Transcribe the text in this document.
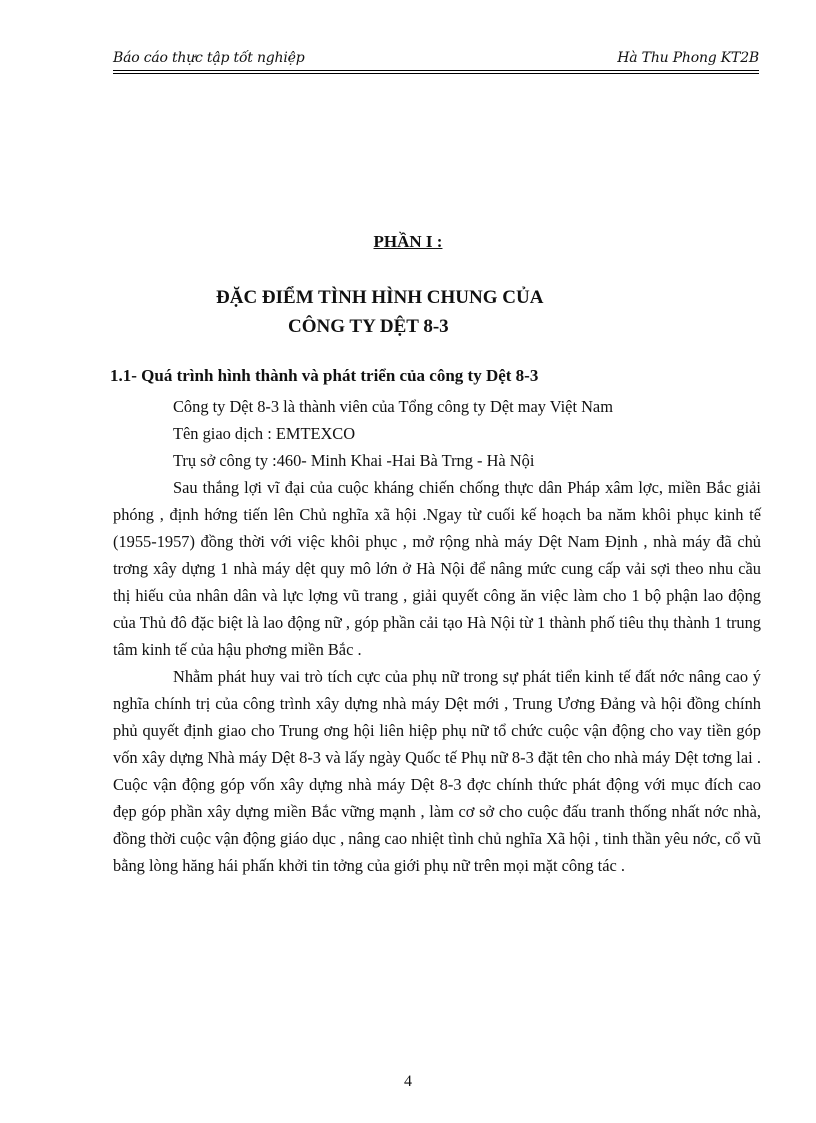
Báo cáo thực tập tốt nghiệp	Hà Thu Phong KT2B
PHẦN I :
ĐẶC ĐIỂM TÌNH HÌNH CHUNG CỦA
CÔNG TY DỆT 8-3
1.1- Quá trình hình thành và phát triển của công ty Dệt 8-3

Công ty Dệt 8-3 là thành viên của Tổng công ty Dệt may Việt Nam

Tên giao dịch : EMTEXCO

Trụ sở công ty :460- Minh Khai -Hai Bà Trng - Hà Nội

Sau thắng lợi vĩ đại của cuộc kháng chiến chống thực dân Pháp xâm lợc, miền Bắc giải phóng , định hớng tiến lên Chủ nghĩa xã hội .Ngay từ cuối kế hoạch ba năm khôi phục kinh tế (1955-1957) đồng thời với việc khôi phục , mở rộng nhà máy Dệt Nam Định , nhà máy đã chủ trơng xây dựng 1 nhà máy dệt quy mô lớn ở Hà Nội để nâng mức cung cấp vải sợi theo nhu cầu thị hiếu của nhân dân và lực lợng vũ trang , giải quyết công ăn việc làm cho 1 bộ phận lao động của Thủ đô đặc biệt là lao động nữ , góp phần cải tạo Hà Nội từ 1 thành phố tiêu thụ thành 1 trung tâm kinh tế của hậu phơng miền Bắc .

Nhằm phát huy vai trò tích cực của phụ nữ trong sự phát tiển kinh tế đất nớc nâng cao ý nghĩa chính trị của công trình xây dựng nhà máy Dệt mới , Trung Ương Đảng và hội đồng chính phủ quyết định giao cho Trung ơng hội liên hiệp phụ nữ tổ chức cuộc vận động cho vay tiền góp vốn xây dựng Nhà máy Dệt 8-3 và lấy ngày Quốc tế Phụ nữ 8-3 đặt tên cho nhà máy Dệt tơng lai . Cuộc vận động góp vốn xây dựng nhà máy Dệt 8-3 đợc chính thức phát động với mục đích cao đẹp góp phần xây dựng miền Bắc vững mạnh , làm cơ sở cho cuộc đấu tranh thống nhất nớc nhà, đồng thời cuộc vận động giáo dục , nâng cao nhiệt tình chủ nghĩa Xã hội , tinh thần yêu nớc, cổ vũ bằng lòng hăng hái phấn khởi tin tởng của giới phụ nữ trên mọi mặt công tác .

4
